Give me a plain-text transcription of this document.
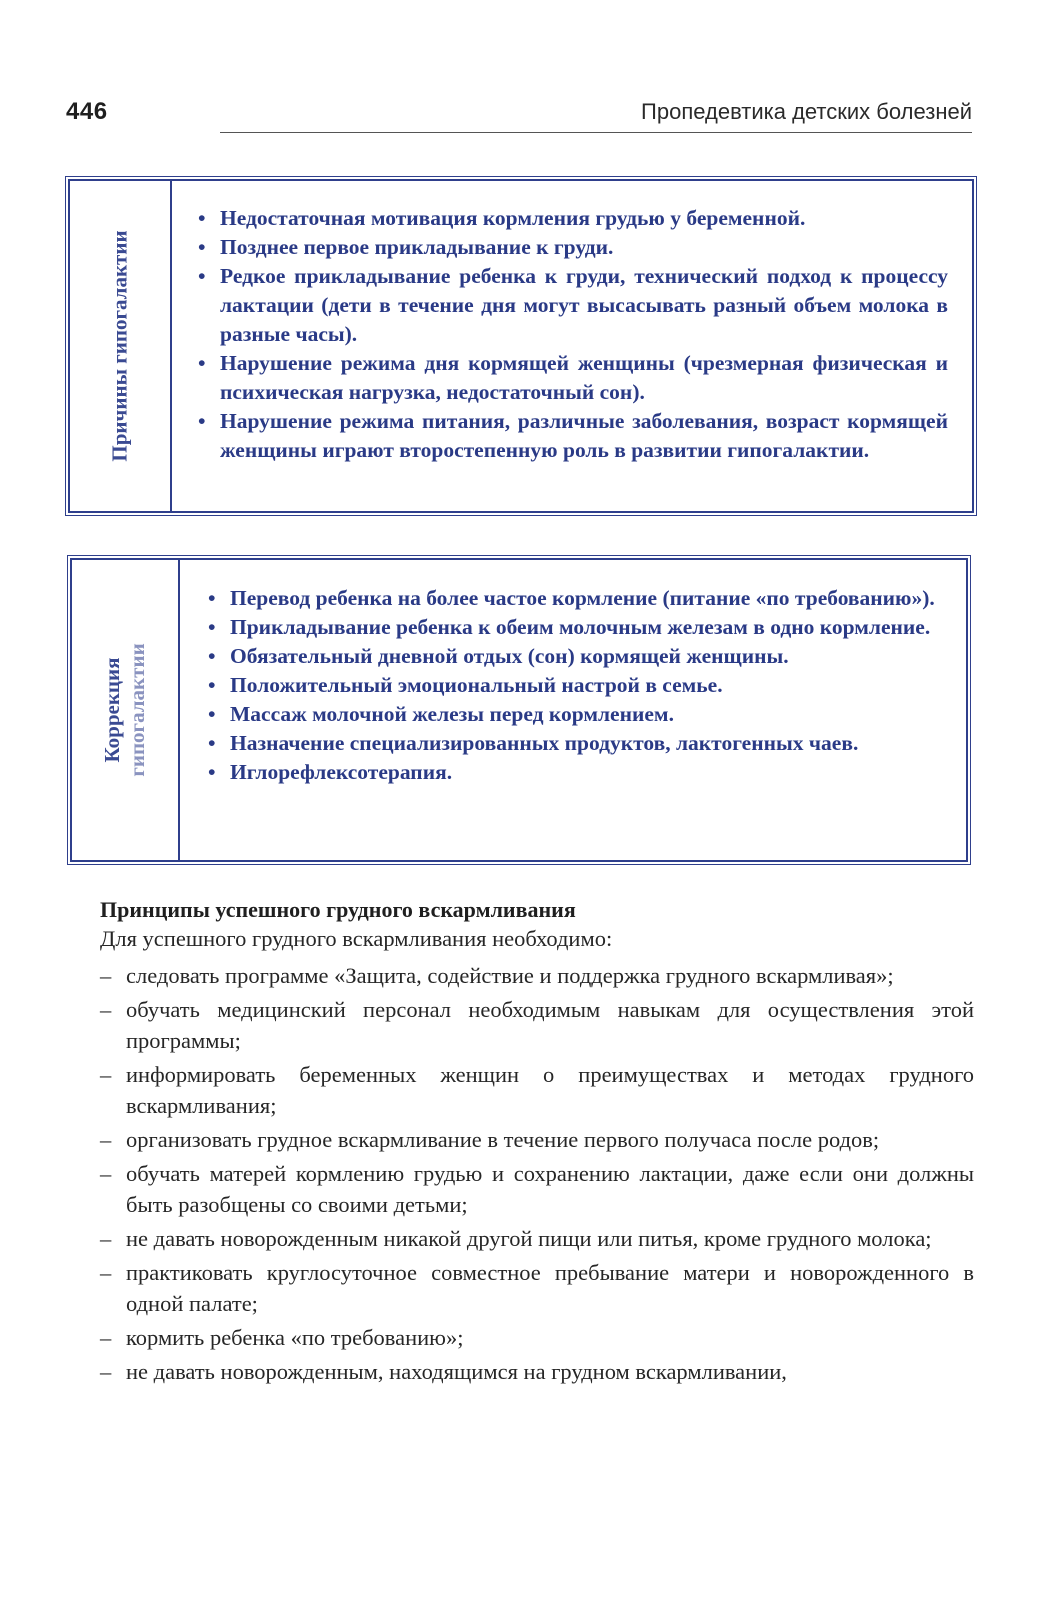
446	Пропедевтика детских болезней
Причины гипогалактии
• Недостаточная мотивация кормления грудью у беременной.
• Позднее первое прикладывание к груди.
• Редкое прикладывание ребенка к груди, технический подход к процессу лактации (дети в течение дня могут высасывать разный объем молока в разные часы).
• Нарушение режима дня кормящей женщины (чрезмерная физическая и психическая нагрузка, недостаточный сон).
• Нарушение режима питания, различные заболевания, возраст кормящей женщины играют второстепенную роль в развитии гипогалактии.
Коррекция гипогалактии
• Перевод ребенка на более частое кормление (питание «по требованию»).
• Прикладывание ребенка к обеим молочным железам в одно кормление.
• Обязательный дневной отдых (сон) кормящей женщины.
• Положительный эмоциональный настрой в семье.
• Массаж молочной железы перед кормлением.
• Назначение специализированных продуктов, лактогенных чаев.
• Иглорефлексотерапия.
Принципы успешного грудного вскармливания
Для успешного грудного вскармливания необходимо:
– следовать программе «Защита, содействие и поддержка грудного вскармливая»;
– обучать медицинский персонал необходимым навыкам для осуществления этой программы;
– информировать беременных женщин о преимуществах и методах грудного вскармливания;
– организовать грудное вскармливание в течение первого получаса после родов;
– обучать матерей кормлению грудью и сохранению лактации, даже если они должны быть разобщены со своими детьми;
– не давать новорожденным никакой другой пищи или питья, кроме грудного молока;
– практиковать круглосуточное совместное пребывание матери и новорожденного в одной палате;
– кормить ребенка «по требованию»;
– не давать новорожденным, находящимся на грудном вскармливании,
